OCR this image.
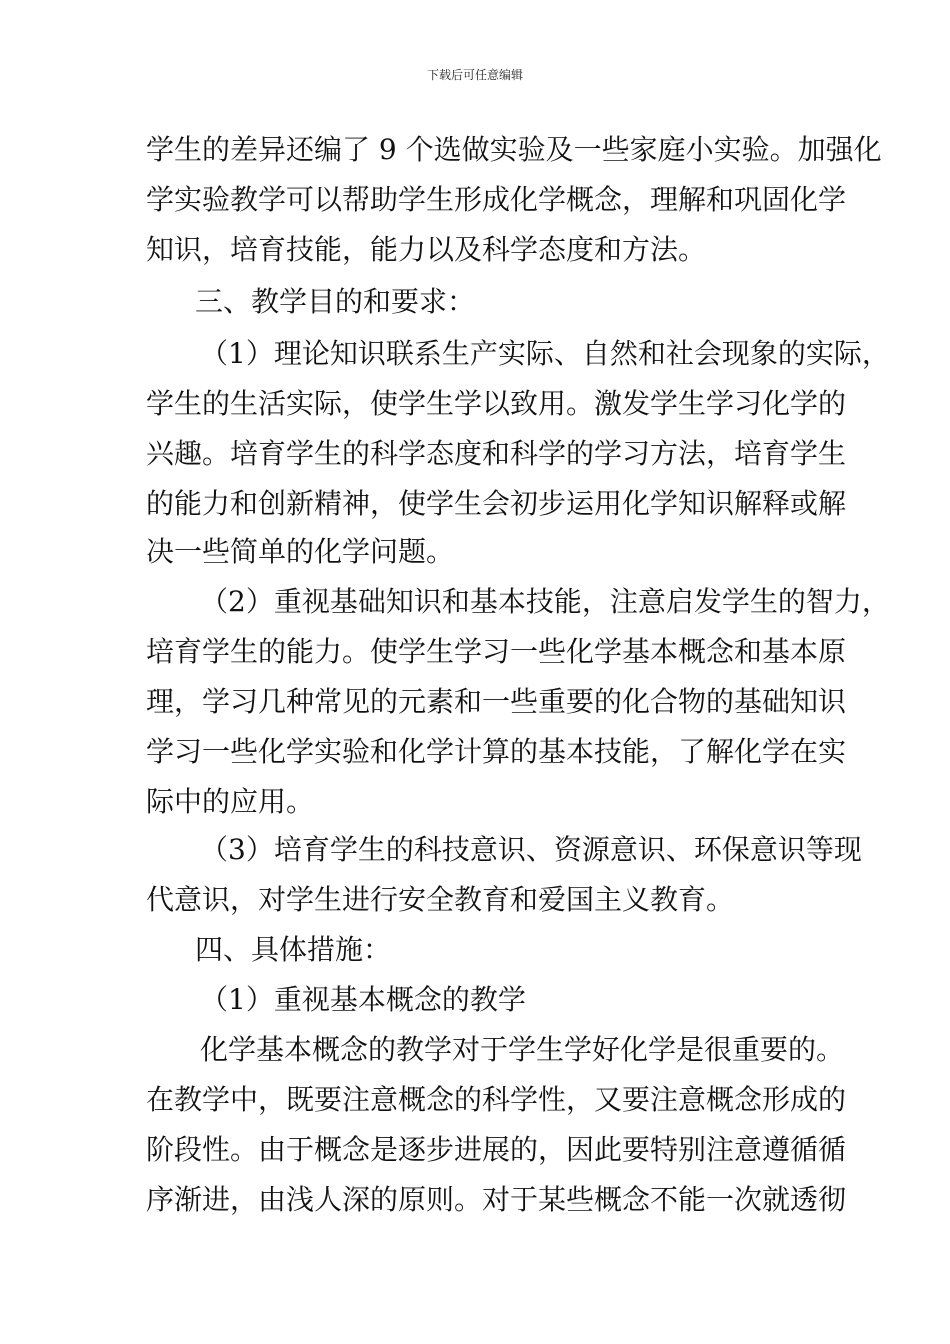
下载后可任意编辑
学生的差异还编了 9 个选做实验及一些家庭小实验。加强化
学实验教学可以帮助学生形成化学概念，理解和巩固化学
知识，培育技能，能力以及科学态度和方法。
三、教学目的和要求：
（1）理论知识联系生产实际、自然和社会现象的实际，
学生的生活实际，使学生学以致用。激发学生学习化学的
兴趣。培育学生的科学态度和科学的学习方法，培育学生
的能力和创新精神，使学生会初步运用化学知识解释或解
决一些简单的化学问题。
（2）重视基础知识和基本技能，注意启发学生的智力，
培育学生的能力。使学生学习一些化学基本概念和基本原
理，学习几种常见的元素和一些重要的化合物的基础知识
学习一些化学实验和化学计算的基本技能，了解化学在实
际中的应用。
（3）培育学生的科技意识、资源意识、环保意识等现
代意识，对学生进行安全教育和爱国主义教育。
四、具体措施：
（1）重视基本概念的教学
化学基本概念的教学对于学生学好化学是很重要的。
在教学中，既要注意概念的科学性，又要注意概念形成的
阶段性。由于概念是逐步进展的，因此要特别注意遵循循
序渐进，由浅人深的原则。对于某些概念不能一次就透彻
